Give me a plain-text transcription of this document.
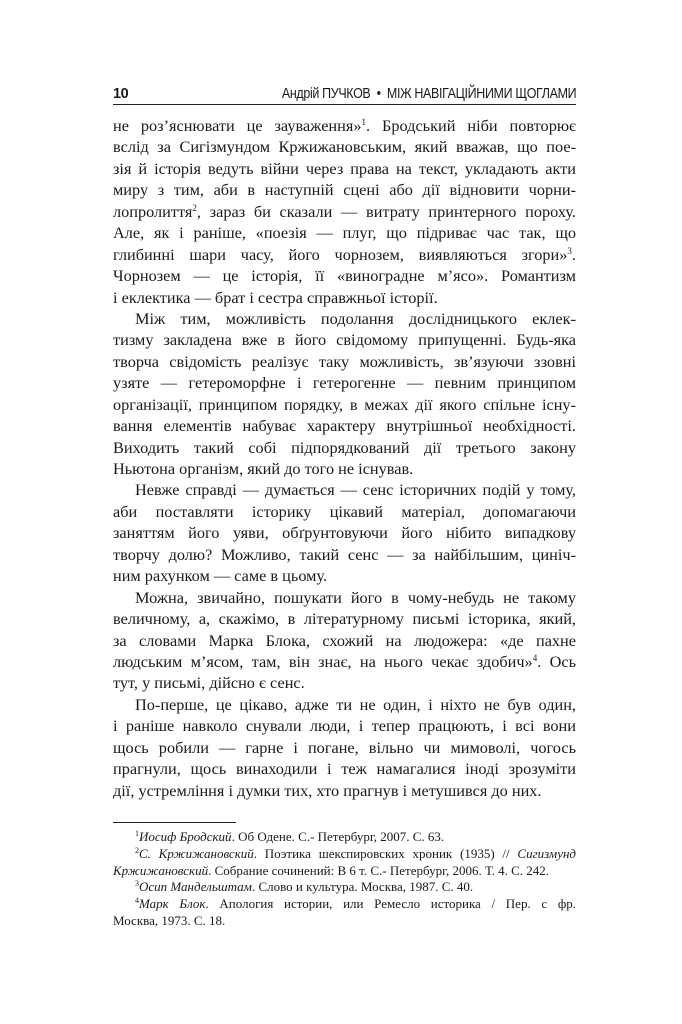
10	Андрій ПУЧКОВ • МІЖ НАВІГАЦІЙНИМИ ЩОГЛАМИ
не роз’яснювати це зауваження»$^1$. Бродський ніби повторює
вслід за Сигізмундом Кржижановським, який вважав, що пое-
зія й історія ведуть війни через права на текст, укладають акти
миру з тим, аби в наступній сцені або дії відновити чорни-
лопролиття$^2$, зараз би сказали — витрату принтерного пороху.
Але, як і раніше, «поезія — плуг, що підриває час так, що
глибинні шари часу, його чорнозем, виявляються згори»$^3$.
Чорнозем — це історія, її «виноградне м’ясо». Романтизм
і еклектика — брат і сестра справжньої історії.
Між тим, можливість подолання дослідницького еклек-
тизму закладена вже в його свідомому припущенні. Будь-яка
творча свідомість реалізує таку можливість, зв’язуючи ззовні
узяте — гетероморфне і гетерогенне — певним принципом
організації, принципом порядку, в межах дії якого спільне існу-
вання елементів набуває характеру внутрішньої необхідності.
Виходить такий собі підпорядкований дії третього закону
Ньютона організм, який до того не існував.
Невже справді — думається — сенс історичних подій у тому,
аби поставляти історику цікавий матеріал, допомагаючи
заняттям його уяви, обґрунтовуючи його нібито випадкову
творчу долю? Можливо, такий сенс — за найбільшим, циніч-
ним рахунком — саме в цьому.
Можна, звичайно, пошукати його в чому-небудь не такому
величному, а, скажімо, в літературному письмі історика, який,
за словами Марка Блока, схожий на людожера: «де пахне
людським м’ясом, там, він знає, на нього чекає здобич»$^4$. Ось
тут, у письмі, дійсно є сенс.
По-перше, це цікаво, адже ти не один, і ніхто не був один,
і раніше навколо снували люди, і тепер працюють, і всі вони
щось робили — гарне і погане, вільно чи мимоволі, чогось
прагнули, щось винаходили і теж намагалися іноді зрозуміти
дії, устремління і думки тих, хто прагнув і метушився до них.
$^1$Иосиф Бродский. Об Одене. С.- Петербург, 2007. С. 63.
$^2$С. Кржижановский. Поэтика шекспировских хроник (1935) // Сигизмунд
Кржижановский. Собрание сочинений: В 6 т. С.- Петербург, 2006. Т. 4. С. 242.
$^3$Осип Мандельштам. Слово и культура. Москва, 1987. С. 40.
$^4$Марк Блок. Апология истории, или Ремесло историка / Пер. с фр.
Москва, 1973. С. 18.
